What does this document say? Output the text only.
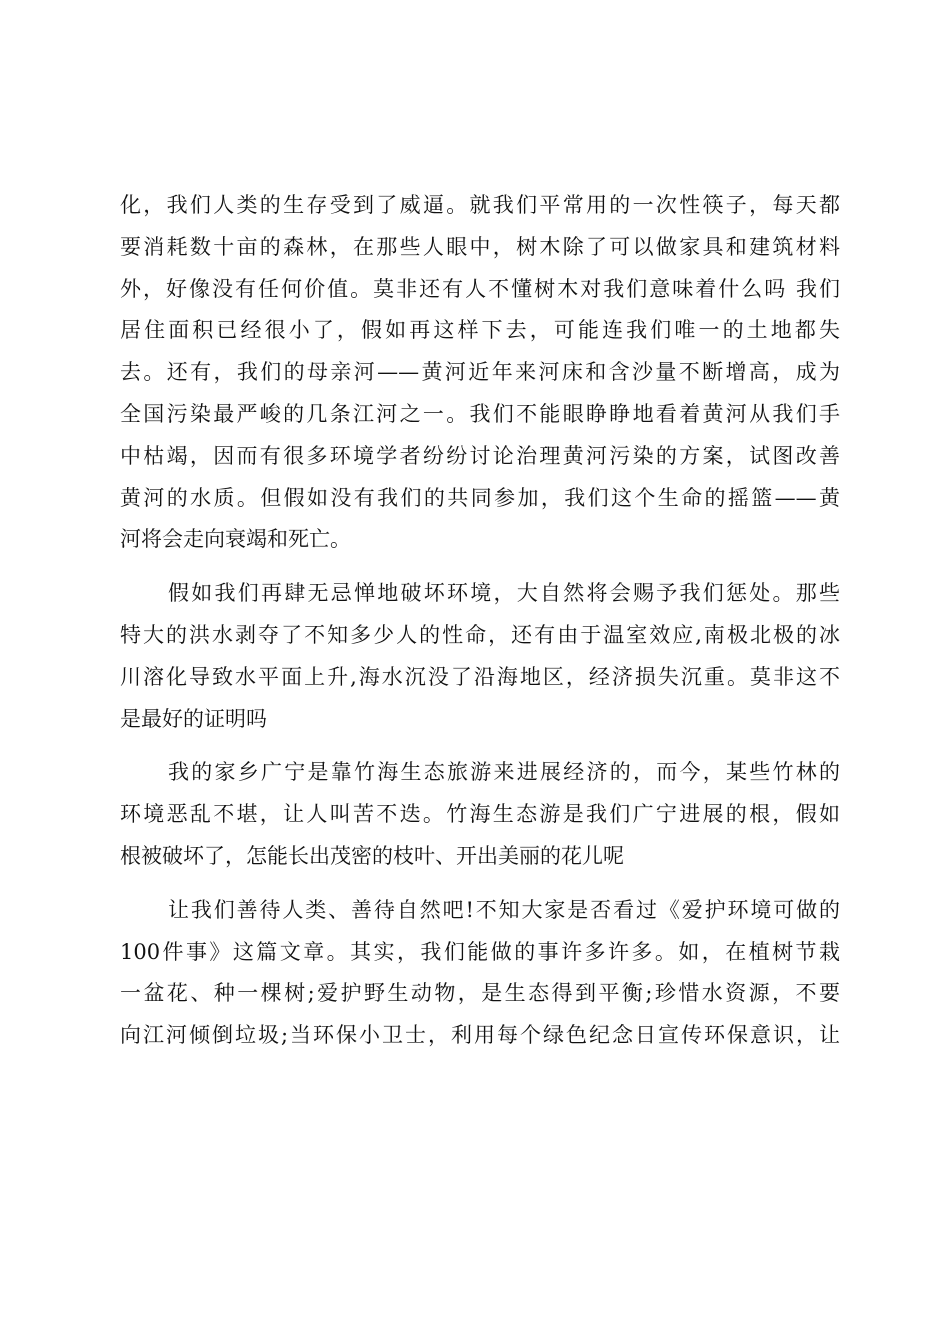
化，我们人类的生存受到了威逼。就我们平常用的一次性筷子，每天都

要消耗数十亩的森林，在那些人眼中，树木除了可以做家具和建筑材料

外，好像没有任何价值。莫非还有人不懂树木对我们意味着什么吗 我们

居住面积已经很小了，假如再这样下去，可能连我们唯一的土地都失

去。还有，我们的母亲河——黄河近年来河床和含沙量不断增高，成为

全国污染最严峻的几条江河之一。我们不能眼睁睁地看着黄河从我们手

中枯竭，因而有很多环境学者纷纷讨论治理黄河污染的方案，试图改善

黄河的水质。但假如没有我们的共同参加，我们这个生命的摇篮——黄

河将会走向衰竭和死亡。

假如我们再肆无忌惮地破坏环境，大自然将会赐予我们惩处。那些

特大的洪水剥夺了不知多少人的性命，还有由于温室效应,南极北极的冰

川溶化导致水平面上升,海水沉没了沿海地区，经济损失沉重。莫非这不

是最好的证明吗

我的家乡广宁是靠竹海生态旅游来进展经济的，而今，某些竹林的

环境恶乱不堪，让人叫苦不迭。竹海生态游是我们广宁进展的根，假如

根被破坏了，怎能长出茂密的枝叶、开出美丽的花儿呢

让我们善待人类、善待自然吧!不知大家是否看过《爱护环境可做的

100件事》这篇文章。其实，我们能做的事许多许多。如，在植树节栽

一盆花、种一棵树;爱护野生动物，是生态得到平衡;珍惜水资源，不要

向江河倾倒垃圾;当环保小卫士，利用每个绿色纪念日宣传环保意识，让
